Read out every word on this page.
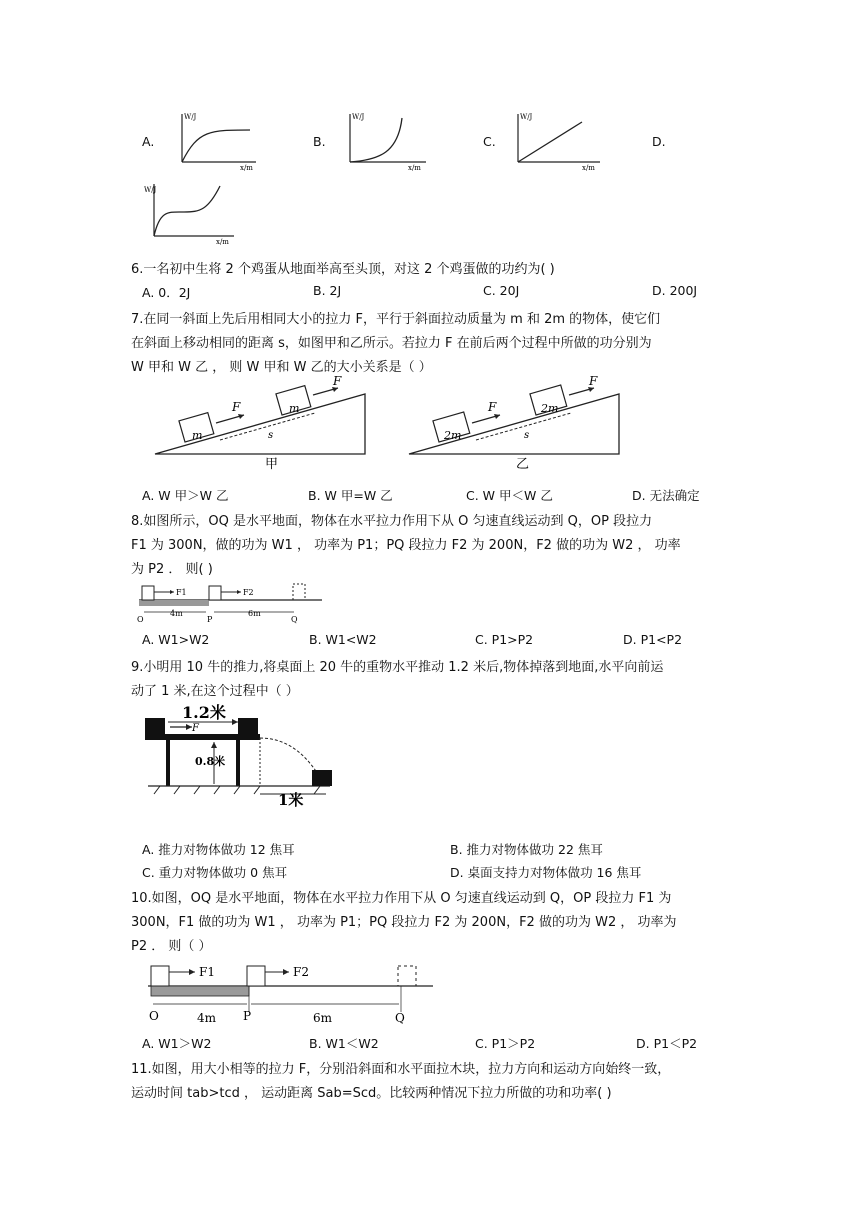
A.
W/J
x/m
B.
W/J
x/m
C.
W/J
x/m
D.
W/J
x/m
6.一名初中生将 2 个鸡蛋从地面举高至头顶，对这 2 个鸡蛋做的功约为( )
A. 0．2J	B. 2J	C. 20J	D. 200J
7.在同一斜面上先后用相同大小的拉力 F，平行于斜面拉动质量为 m 和 2m 的物体，使它们
在斜面上移动相同的距离 s，如图甲和乙所示。若拉力 F 在前后两个过程中所做的功分别为
W 甲和 W 乙 ， 则 W 甲和 W 乙的大小关系是（ ）
m
m
F
F
s
甲
2m
2m
F
F
s
乙
A. W 甲＞W 乙	B. W 甲=W 乙	C. W 甲＜W 乙	D. 无法确定
8.如图所示，OQ 是水平地面，物体在水平拉力作用下从 O 匀速直线运动到 Q，OP 段拉力
F1 为 300N，做的功为 W1 ， 功率为 P1；PQ 段拉力 F2 为 200N，F2 做的功为 W2 ， 功率
为 P2 ． 则( )
F1	F2
4m	6m
O	P	Q
A. W1>W2	B. W1<W2	C. P1>P2	D. P1<P2
9.小明用 10 牛的推力,将桌面上 20 牛的重物水平推动 1.2 米后,物体掉落到地面,水平向前运
动了 1 米,在这个过程中（ ）
1.2米
F
0.8米
1米
A. 推力对物体做功 12 焦耳	B. 推力对物体做功 22 焦耳
C. 重力对物体做功 0 焦耳	D. 桌面支持力对物体做功 16 焦耳
10.如图，OQ 是水平地面，物体在水平拉力作用下从 O 匀速直线运动到 Q，OP 段拉力 F1 为
300N，F1 做的功为 W1 ， 功率为 P1；PQ 段拉力 F2 为 200N，F2 做的功为 W2 ， 功率为
P2 ． 则（ ）
F1	F2
4m	6m
O	P	Q
A. W1＞W2	B. W1＜W2	C. P1＞P2	D. P1＜P2
11.如图，用大小相等的拉力 F，分别沿斜面和水平面拉木块，拉力方向和运动方向始终一致，
运动时间 tab>tcd ， 运动距离 Sab=Scd。比较两种情况下拉力所做的功和功率( )
